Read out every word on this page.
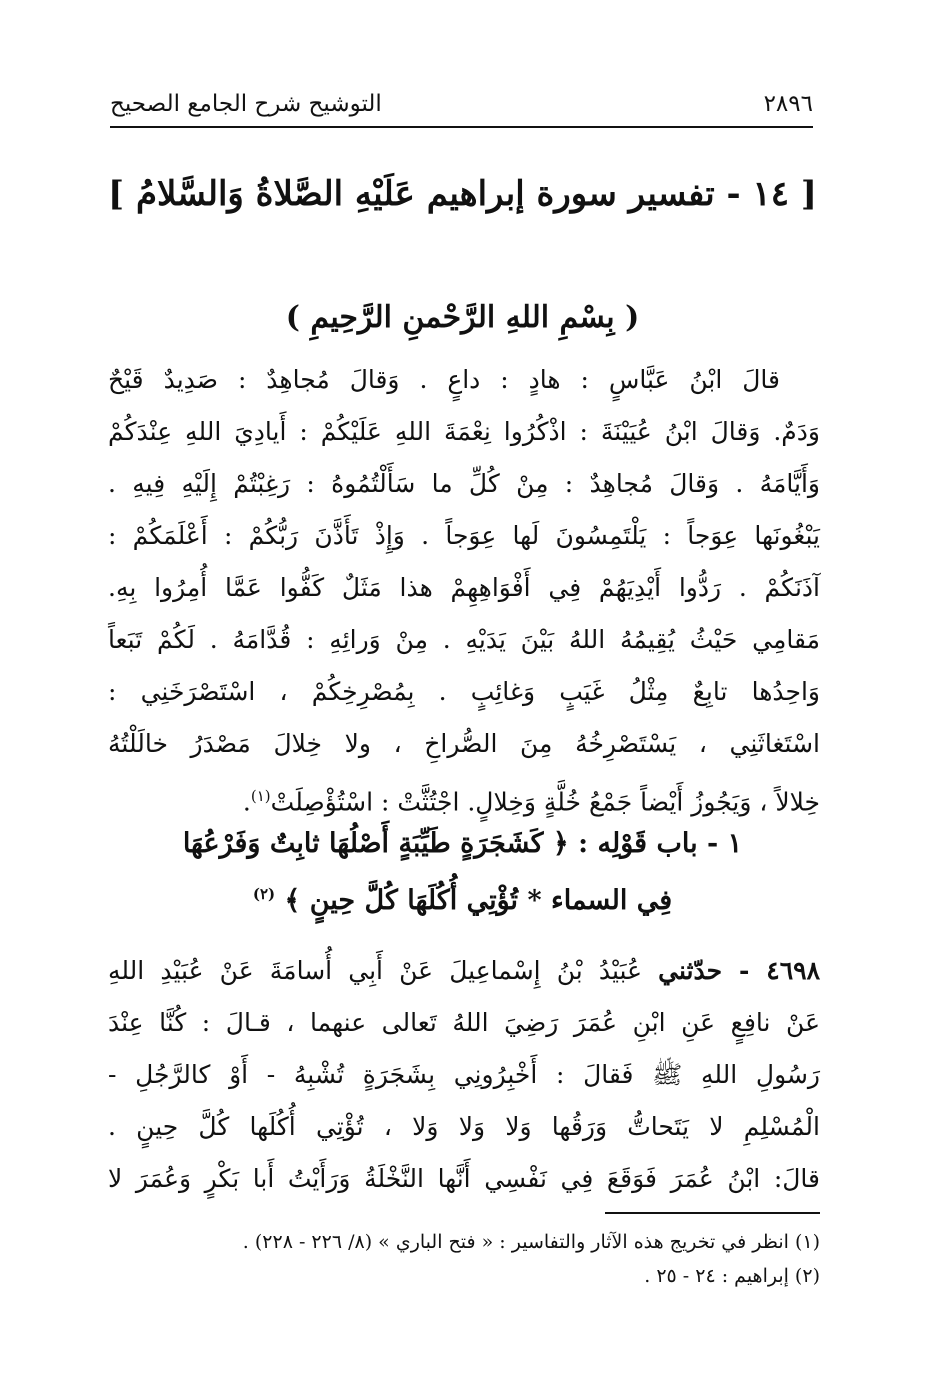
٢٨٩٦
التوشيح شرح الجامع الصحيح
[ ١٤ - تفسير سورة إبراهيم عَلَيْهِ الصَّلاةُ وَالسَّلامُ ]
( بِسْمِ اللهِ الرَّحْمنِ الرَّحِيمِ )
قالَ ابْنُ عَبَّاسٍ : هادٍ : داعٍ . وَقالَ مُجاهِدٌ : صَدِيدٌ قَيْحٌ
وَدَمٌ. وَقالَ ابْنُ عُيَيْنَةَ : اذْكُرُوا نِعْمَةَ اللهِ عَلَيْكُمْ : أَيادِيَ اللهِ عِنْدَكُمْ
وَأَيَّامَهُ . وَقالَ مُجاهِدٌ : مِنْ كُلِّ ما سَأَلْتُمُوهُ : رَغِبْتُمْ إِلَيْهِ فِيهِ .
يَبْغُونَها عِوَجاً : يَلْتَمِسُونَ لَها عِوَجاً . وَإِذْ تَأَذَّنَ رَبُّكُمْ : أَعْلَمَكُمْ :
آذَنَكُمْ . رَدُّوا أَيْدِيَهُمْ فِي أَفْوَاهِهِمْ هذا مَثَلٌ كَفُّوا عَمَّا أُمِرُوا بِهِ.
مَقامِي حَيْثُ يُقِيمُهُ اللهُ بَيْنَ يَدَيْهِ . مِنْ وَرائِهِ : قُدَّامَهُ . لَكُمْ تَبَعاً
وَاحِدُها تابِعٌ مِثْلُ غَيَبٍ وَغائِبٍ . بِمُصْرِخِكُمْ ، اسْتَصْرَخَنِي :
اسْتَغاثَنِي ، يَسْتَصْرِخُهُ مِنَ الصُّراخِ ، ولا خِلالَ مَصْدَرُ خالَلْتُهُ
خِلالاً ، وَيَجُوزُ أَيْضاً جَمْعُ خُلَّةٍ وَخِلالٍ. اجْتُثَّتْ : اسْتُؤْصِلَتْ$^{(١)}$.
١ - باب قَوْلِه : ﴿ كَشَجَرَةٍ طَيِّبَةٍ أَصْلُهَا ثابِتٌ وَفَرْعُهَا
فِي السماء * تُؤْتِي أُكُلَهَا كُلَّ حِينٍ ﴾ $^{(٢)}$
٤٦٩٨ - حدّثني عُبَيْدُ بْنُ إِسْماعِيلَ عَنْ أَبِي أُسامَةَ عَنْ عُبَيْدِ اللهِ
عَنْ نافِعٍ عَنِ ابْنِ عُمَرَ رَضِيَ اللهُ تَعالى عنهما ، قـالَ : كُنَّا عِنْدَ
رَسُولِ اللهِ ﷺ فَقالَ : أَخْبِرُونِي بِشَجَرَةٍ تُشْبِهُ - أَوْ كالرَّجُلِ -
الْمُسْلِمِ لا يَتَحاتُّ وَرَقُها وَلا وَلا وَلا ، تُؤْتِي أُكُلَها كُلَّ حِينٍ .
قالَ: ابْنُ عُمَرَ فَوَقَعَ فِي نَفْسِي أَنَّها النَّخْلَةُ وَرَأَيْتُ أَبا بَكْرٍ وَعُمَرَ لا
(١) انظر في تخريج هذه الآثار والتفاسير : « فتح الباري » (٨/ ٢٢٦ - ٢٢٨) .
(٢) إبراهيم : ٢٤ - ٢٥ .
